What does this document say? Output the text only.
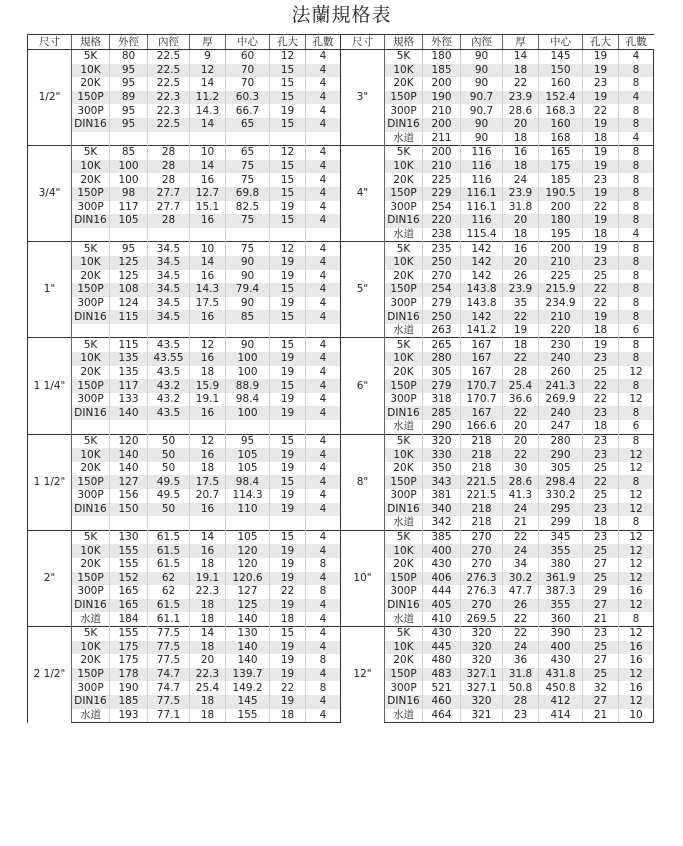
法蘭規格表
尺寸	規格	外徑	內徑	厚	中心	孔大	孔數	尺寸	規格	外徑	內徑	厚	中心	孔大	孔數
1/2"	5K	80	22.5	9	60	12	4	3"	5K	180	90	14	145	19	4
	10K	95	22.5	12	70	15	4		10K	185	90	18	150	19	8
	20K	95	22.5	14	70	15	4		20K	200	90	22	160	23	8
	150P	89	22.3	11.2	60.3	15	4		150P	190	90.7	23.9	152.4	19	4
	300P	95	22.3	14.3	66.7	19	4		300P	210	90.7	28.6	168.3	22	8
	DIN16	95	22.5	14	65	15	4		DIN16	200	90	20	160	19	8
									水道	211	90	18	168	18	4
3/4"	5K	85	28	10	65	12	4	4"	5K	200	116	16	165	19	8
	10K	100	28	14	75	15	4		10K	210	116	18	175	19	8
	20K	100	28	16	75	15	4		20K	225	116	24	185	23	8
	150P	98	27.7	12.7	69.8	15	4		150P	229	116.1	23.9	190.5	19	8
	300P	117	27.7	15.1	82.5	19	4		300P	254	116.1	31.8	200	22	8
	DIN16	105	28	16	75	15	4		DIN16	220	116	20	180	19	8
									水道	238	115.4	18	195	18	4
1"	5K	95	34.5	10	75	12	4	5"	5K	235	142	16	200	19	8
	10K	125	34.5	14	90	19	4		10K	250	142	20	210	23	8
	20K	125	34.5	16	90	19	4		20K	270	142	26	225	25	8
	150P	108	34.5	14.3	79.4	15	4		150P	254	143.8	23.9	215.9	22	8
	300P	124	34.5	17.5	90	19	4		300P	279	143.8	35	234.9	22	8
	DIN16	115	34.5	16	85	15	4		DIN16	250	142	22	210	19	8
									水道	263	141.2	19	220	18	6
1 1/4"	5K	115	43.5	12	90	15	4	6"	5K	265	167	18	230	19	8
	10K	135	43.55	16	100	19	4		10K	280	167	22	240	23	8
	20K	135	43.5	18	100	19	4		20K	305	167	28	260	25	12
	150P	117	43.2	15.9	88.9	15	4		150P	279	170.7	25.4	241.3	22	8
	300P	133	43.2	19.1	98.4	19	4		300P	318	170.7	36.6	269.9	22	12
	DIN16	140	43.5	16	100	19	4		DIN16	285	167	22	240	23	8
									水道	290	166.6	20	247	18	6
1 1/2"	5K	120	50	12	95	15	4	8"	5K	320	218	20	280	23	8
	10K	140	50	16	105	19	4		10K	330	218	22	290	23	12
	20K	140	50	18	105	19	4		20K	350	218	30	305	25	12
	150P	127	49.5	17.5	98.4	15	4		150P	343	221.5	28.6	298.4	22	8
	300P	156	49.5	20.7	114.3	19	4		300P	381	221.5	41.3	330.2	25	12
	DIN16	150	50	16	110	19	4		DIN16	340	218	24	295	23	12
									水道	342	218	21	299	18	8
2"	5K	130	61.5	14	105	15	4	10"	5K	385	270	22	345	23	12
	10K	155	61.5	16	120	19	4		10K	400	270	24	355	25	12
	20K	155	61.5	18	120	19	8		20K	430	270	34	380	27	12
	150P	152	62	19.1	120.6	19	4		150P	406	276.3	30.2	361.9	25	12
	300P	165	62	22.3	127	22	8		300P	444	276.3	47.7	387.3	29	16
	DIN16	165	61.5	18	125	19	4		DIN16	405	270	26	355	27	12
	水道	184	61.1	18	140	18	4		水道	410	269.5	22	360	21	8
2 1/2"	5K	155	77.5	14	130	15	4	12"	5K	430	320	22	390	23	12
	10K	175	77.5	18	140	19	4		10K	445	320	24	400	25	16
	20K	175	77.5	20	140	19	8		20K	480	320	36	430	27	16
	150P	178	74.7	22.3	139.7	19	4		150P	483	327.1	31.8	431.8	25	12
	300P	190	74.7	25.4	149.2	22	8		300P	521	327.1	50.8	450.8	32	16
	DIN16	185	77.5	18	145	19	4		DIN16	460	320	28	412	27	12
	水道	193	77.1	18	155	18	4		水道	464	321	23	414	21	10
